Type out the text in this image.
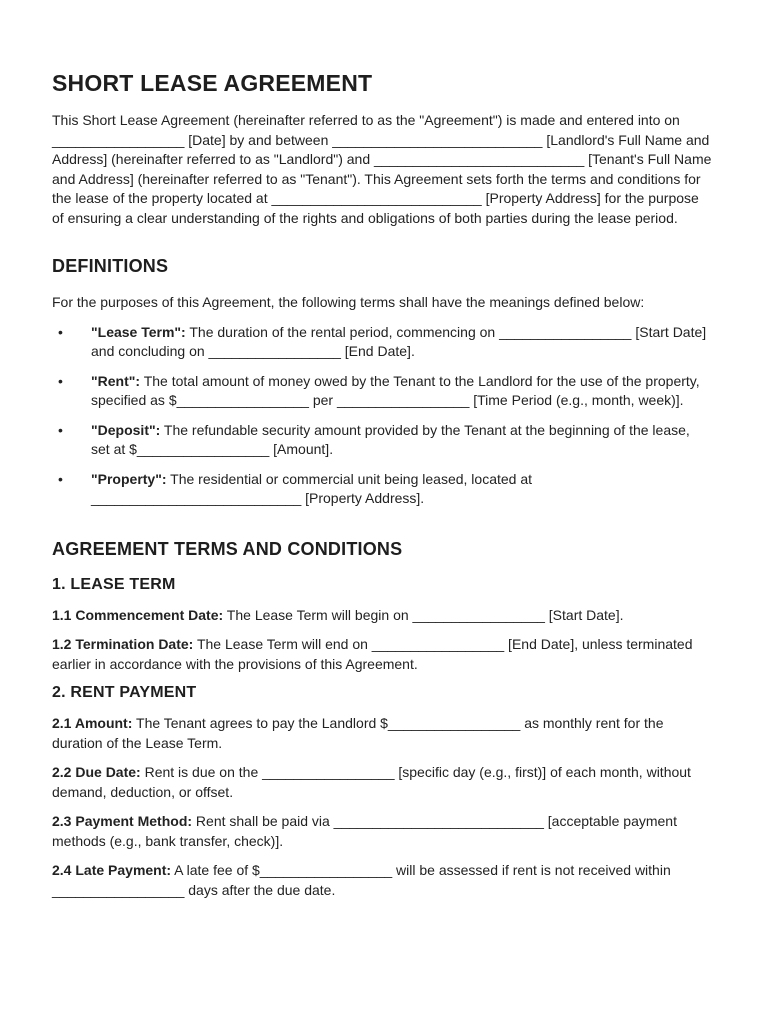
SHORT LEASE AGREEMENT

This Short Lease Agreement (hereinafter referred to as the "Agreement") is made and entered into on _________________ [Date] by and between ___________________________ [Landlord's Full Name and Address] (hereinafter referred to as "Landlord") and ___________________________ [Tenant's Full Name and Address] (hereinafter referred to as "Tenant"). This Agreement sets forth the terms and conditions for the lease of the property located at ___________________________ [Property Address] for the purpose of ensuring a clear understanding of the rights and obligations of both parties during the lease period.

DEFINITIONS

For the purposes of this Agreement, the following terms shall have the meanings defined below:

• "Lease Term": The duration of the rental period, commencing on _________________ [Start Date] and concluding on _________________ [End Date].
• "Rent": The total amount of money owed by the Tenant to the Landlord for the use of the property, specified as $_________________ per _________________ [Time Period (e.g., month, week)].
• "Deposit": The refundable security amount provided by the Tenant at the beginning of the lease, set at $_________________ [Amount].
• "Property": The residential or commercial unit being leased, located at ___________________________ [Property Address].
AGREEMENT TERMS AND CONDITIONS
1. LEASE TERM

1.1 Commencement Date: The Lease Term will begin on _________________ [Start Date].

1.2 Termination Date: The Lease Term will end on _________________ [End Date], unless terminated earlier in accordance with the provisions of this Agreement.

2. RENT PAYMENT

2.1 Amount: The Tenant agrees to pay the Landlord $_________________ as monthly rent for the duration of the Lease Term.

2.2 Due Date: Rent is due on the _________________ [specific day (e.g., first)] of each month, without demand, deduction, or offset.

2.3 Payment Method: Rent shall be paid via ___________________________ [acceptable payment methods (e.g., bank transfer, check)].

2.4 Late Payment: A late fee of $_________________ will be assessed if rent is not received within _________________ days after the due date.
